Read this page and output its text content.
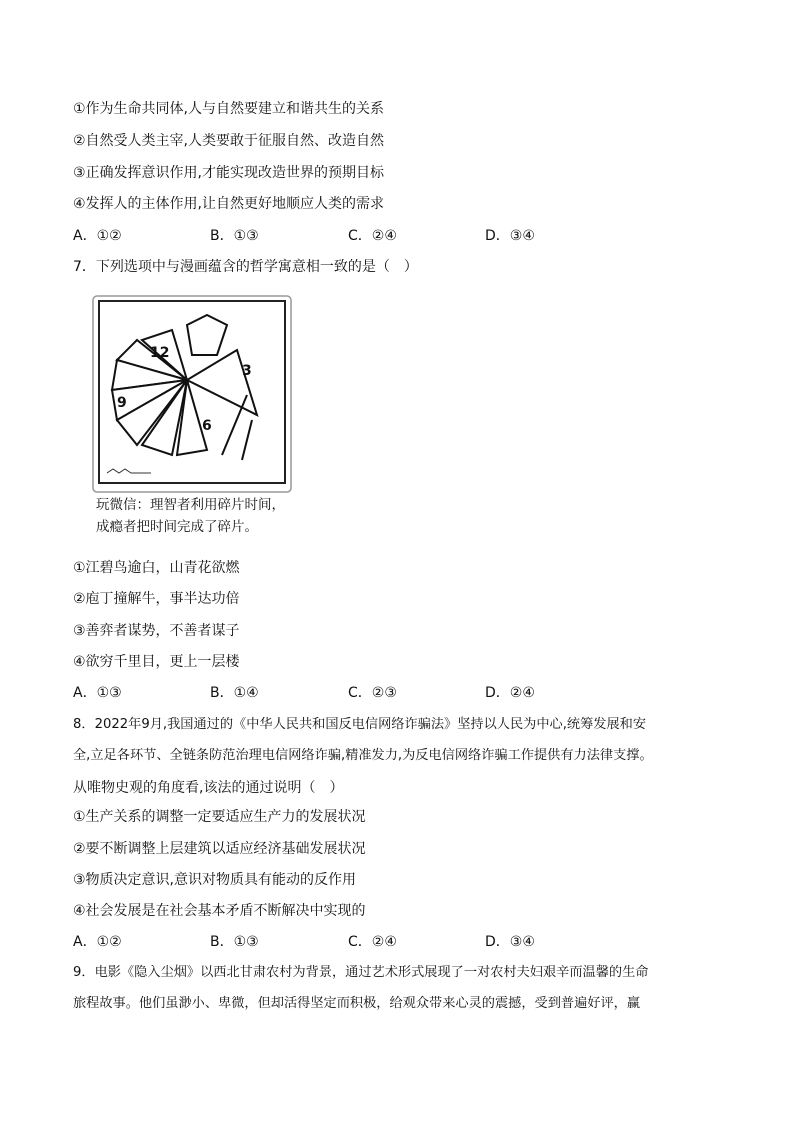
①作为生命共同体,人与自然要建立和谐共生的关系
②自然受人类主宰,人类要敢于征服自然、改造自然
③正确发挥意识作用,才能实现改造世界的预期目标
④发挥人的主体作用,让自然更好地顺应人类的需求
A．①②	B．①③	C．②④	D．③④
7．下列选项中与漫画蕴含的哲学寓意相一致的是（　）
12
3
6
9
玩微信：理智者利用碎片时间，
成瘾者把时间完成了碎片。
①江碧鸟逾白，山青花欲燃
②庖丁撞解牛，事半达功倍
③善弈者谋势，不善者谋子
④欲穷千里目，更上一层楼
A．①③	B．①④	C．②③	D．②④
8．2022年9月,我国通过的《中华人民共和国反电信网络诈骗法》坚持以人民为中心,统筹发展和安
全,立足各环节、全链条防范治理电信网络诈骗,精准发力,为反电信网络诈骗工作提供有力法律支撑。
从唯物史观的角度看,该法的通过说明（　）
①生产关系的调整一定要适应生产力的发展状况
②要不断调整上层建筑以适应经济基础发展状况
③物质决定意识,意识对物质具有能动的反作用
④社会发展是在社会基本矛盾不断解决中实现的
A．①②	B．①③	C．②④	D．③④
9．电影《隐入尘烟》以西北甘肃农村为背景，通过艺术形式展现了一对农村夫妇艰辛而温馨的生命
旅程故事。他们虽渺小、卑微，但却活得坚定而积极，给观众带来心灵的震撼，受到普遍好评，赢
